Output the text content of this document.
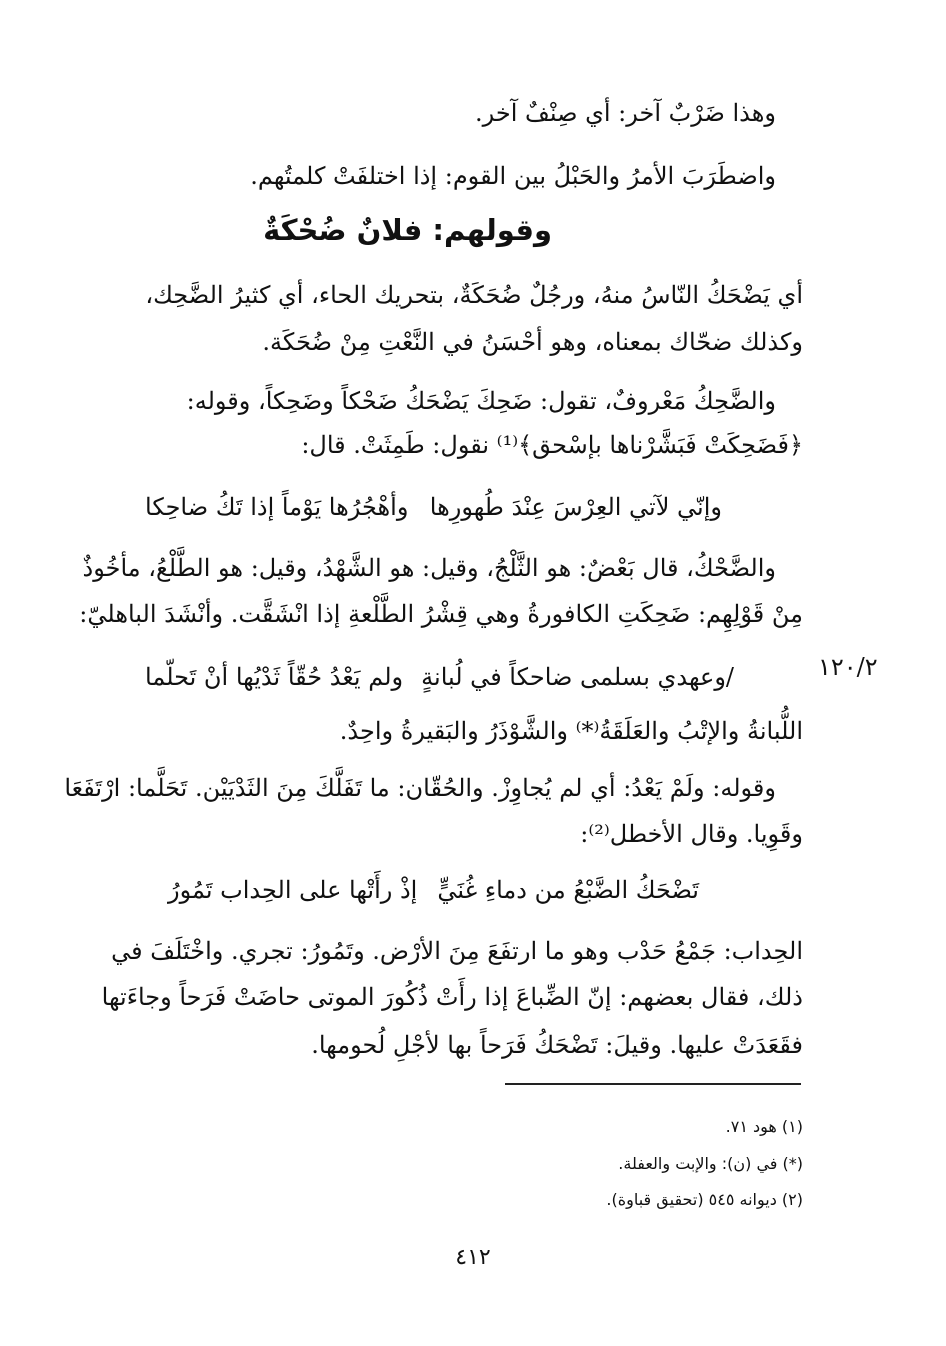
وهذا ضَرْبٌ آخر: أي صِنْفٌ آخر.
واضطَرَبَ الأمرُ والحَبْلُ بين القوم: إذا اختلفَتْ كلمتُهم.
وقولهم: فلانٌ ضُحْكَةٌ
أي يَضْحَكُ النّاسُ منهُ، ورجُلٌ ضُحَكَةٌ، بتحريك الحاء، أي كثيرُ الضَّحِك،
وكذلك ضحّاك بمعناه، وهو أحْسَنُ في النَّعْتِ مِنْ ضُحَكَة.
والضَّحِكُ مَعْروفٌ، تقول: ضَحِكَ يَضْحَكُ ضَحْكاً وضَحِكاً، وقوله:
﴿فَضَحِكَتْ فَبَشَّرْناها بإسْحق﴾⁽¹⁾ نقول: طَمِثَتْ. قال:
وإنّي لآتي العِرْسَ عِنْدَ طُهورِها
وأهْجُرُها يَوْماً إذا تَكُ ضاحِكا
والضَّحْكُ، قال بَعْضٌ: هو الثَّلْجُ، وقيل: هو الشَّهْدُ، وقيل: هو الطَّلْعُ، مأخُوذٌ
مِنْ قَوْلِهِم: ضَحِكَتِ الكافورةُ وهي قِشْرُ الطَّلْعةِ إذا انْشَقَّت. وأنْشَدَ الباهليّ:
١٢٠/٢
/وعهدي بسلمى ضاحكاً في لُبانةٍ
ولم يَعْدُ حُقّاً ثَدْيُها أنْ تَحلّما
اللُّبانةُ والإتْبُ والعَلَقَةُ⁽*⁾ والشَّوْذَرُ والبَقيرةُ واحِدٌ.
وقوله: ولَمْ يَعْدُ: أي لم يُجاوِزْ. والحُقّان: ما تَفَلَّكَ مِنَ الثَدْيَيْن. تَحَلَّما: ارْتَفَعَا
وقَوِيا. وقال الأخطل⁽²⁾:
تَضْحَكُ الضَّبْعُ من دماءِ غُنَيٍّ
إذْ رأَتْها على الحِداب تَمُورُ
الحِداب: جَمْعُ حَدْب وهو ما ارتفَعَ مِنَ الأرْض. وتَمُورُ: تجري. واخْتَلَفَ في
ذلك، فقال بعضهم: إنّ الضِّباعَ إذا رأَتْ ذُكُورَ الموتى حاضَتْ فَرَحاً وجاءَتها
فقَعَدَتْ عليها. وقيلَ: تَضْحَكُ فَرَحاً بها لأجْلِ لُحومها.
(١) هود ٧١.
(*) في (ن): والإبت والعفلة.
(٢) ديوانه ٥٤٥ (تحقيق قباوة).
٤١٢
